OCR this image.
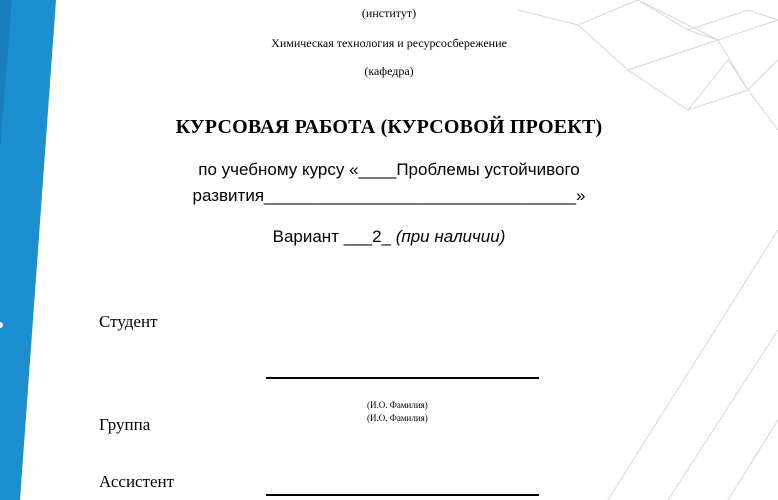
(институт)
Химическая технология и ресурсосбережение
(кафедра)
КУРСОВАЯ РАБОТА (КУРСОВОЙ ПРОЕКТ)
по учебному курсу «____Проблемы устойчивого
развития_________________________________»
Вариант ___2_ (при наличии)
Студент
(И.О. Фамилия)
(И.О. Фамилия)
Группа
Ассистент
